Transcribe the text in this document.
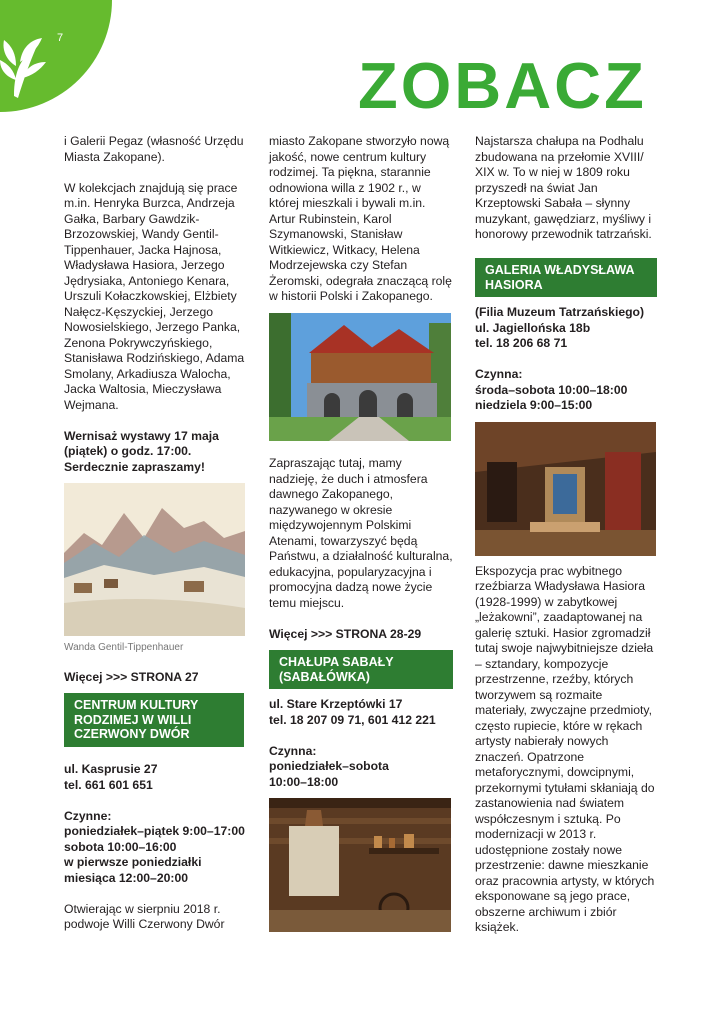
7
ZOBACZ

i Galerii Pegaz (własność Urzędu Miasta Zakopane).

W kolekcjach znajdują się prace m.in. Henryka Burzca, Andrzeja Gałka, Barbary Gawdzik-Brzozowskiej, Wandy Gentil-Tippenhauer, Jacka Hajnosa, Władysława Hasiora, Jerzego Jędrysiaka, Antoniego Kenara, Urszuli Kołaczkowskiej, Elżbiety Nałęcz-Kęszyckiej, Jerzego Nowosielskiego, Jerzego Panka, Zenona Pokrywczyńskiego, Stanisława Rodzińskiego, Adama Smolany, Arkadiusza Walocha, Jacka Waltosia, Mieczysława Wejmana.

Wernisaż wystawy 17 maja (piątek) o godz. 17:00. Serdecznie zapraszamy!

Wanda Gentil-Tippenhauer

Więcej >>> STRONA 27

CENTRUM KULTURY RODZIMEJ W WILLI CZERWONY DWÓR

ul. Kasprusie 27

tel. 661 601 651

Czynne:

poniedziałek–piątek 9:00–17:00

sobota 10:00–16:00

w pierwsze poniedziałki miesiąca 12:00–20:00

Otwierając w sierpniu 2018 r. podwoje Willi Czerwony Dwór

miasto Zakopane stworzyło nową jakość, nowe centrum kultury rodzimej. Ta piękna, starannie odnowiona willa z 1902 r., w której mieszkali i bywali m.in. Artur Rubinstein, Karol Szymanowski, Stanisław Witkiewicz, Witkacy, Helena Modrzejewska czy Stefan Żeromski, odegrała znaczącą rolę w historii Polski i Zakopanego.

Zapraszając tutaj, mamy nadzieję, że duch i atmosfera dawnego Zakopanego, nazywanego w okresie międzywojennym Polskimi Atenami, towarzyszyć będą Państwu, a działalność kulturalna, edukacyjna, popularyzacyjna i promocyjna dadzą nowe życie temu miejscu.

Więcej >>> STRONA 28-29

CHAŁUPA SABAŁY (SABAŁÓWKA)

ul. Stare Krzeptówki 17

tel. 18 207 09 71, 601 412 221

Czynna:

poniedziałek–sobota

10:00–18:00

Najstarsza chałupa na Podhalu zbudowana na przełomie XVIII/ XIX w. To w niej w 1809 roku przyszedł na świat Jan Krzeptowski Sabała – słynny muzykant, gawędziarz, myśliwy i honorowy przewodnik tatrzański.

GALERIA WŁADYSŁAWA HASIORA

(Filia Muzeum Tatrzańskiego)

ul. Jagiellońska 18b

tel. 18 206 68 71

Czynna:

środa–sobota 10:00–18:00

niedziela 9:00–15:00

Ekspozycja prac wybitnego rzeźbiarza Władysława Hasiora (1928-1999) w zabytkowej „leżakowni”, zaadaptowanej na galerię sztuki. Hasior zgromadził tutaj swoje najwybitniejsze dzieła – sztandary, kompozycje przestrzenne, rzeźby, których tworzywem są rozmaite materiały, zwyczajne przedmioty, często rupiecie, które w rękach artysty nabierały nowych znaczeń. Opatrzone metaforycznymi, dowcipnymi, przekornymi tytułami skłaniają do zastanowienia nad światem współczesnym i sztuką. Po modernizacji w 2013 r. udostępnione zostały nowe przestrzenie: dawne mieszkanie oraz pracownia artysty, w których eksponowane są jego prace, obszerne archiwum i zbiór książek.
